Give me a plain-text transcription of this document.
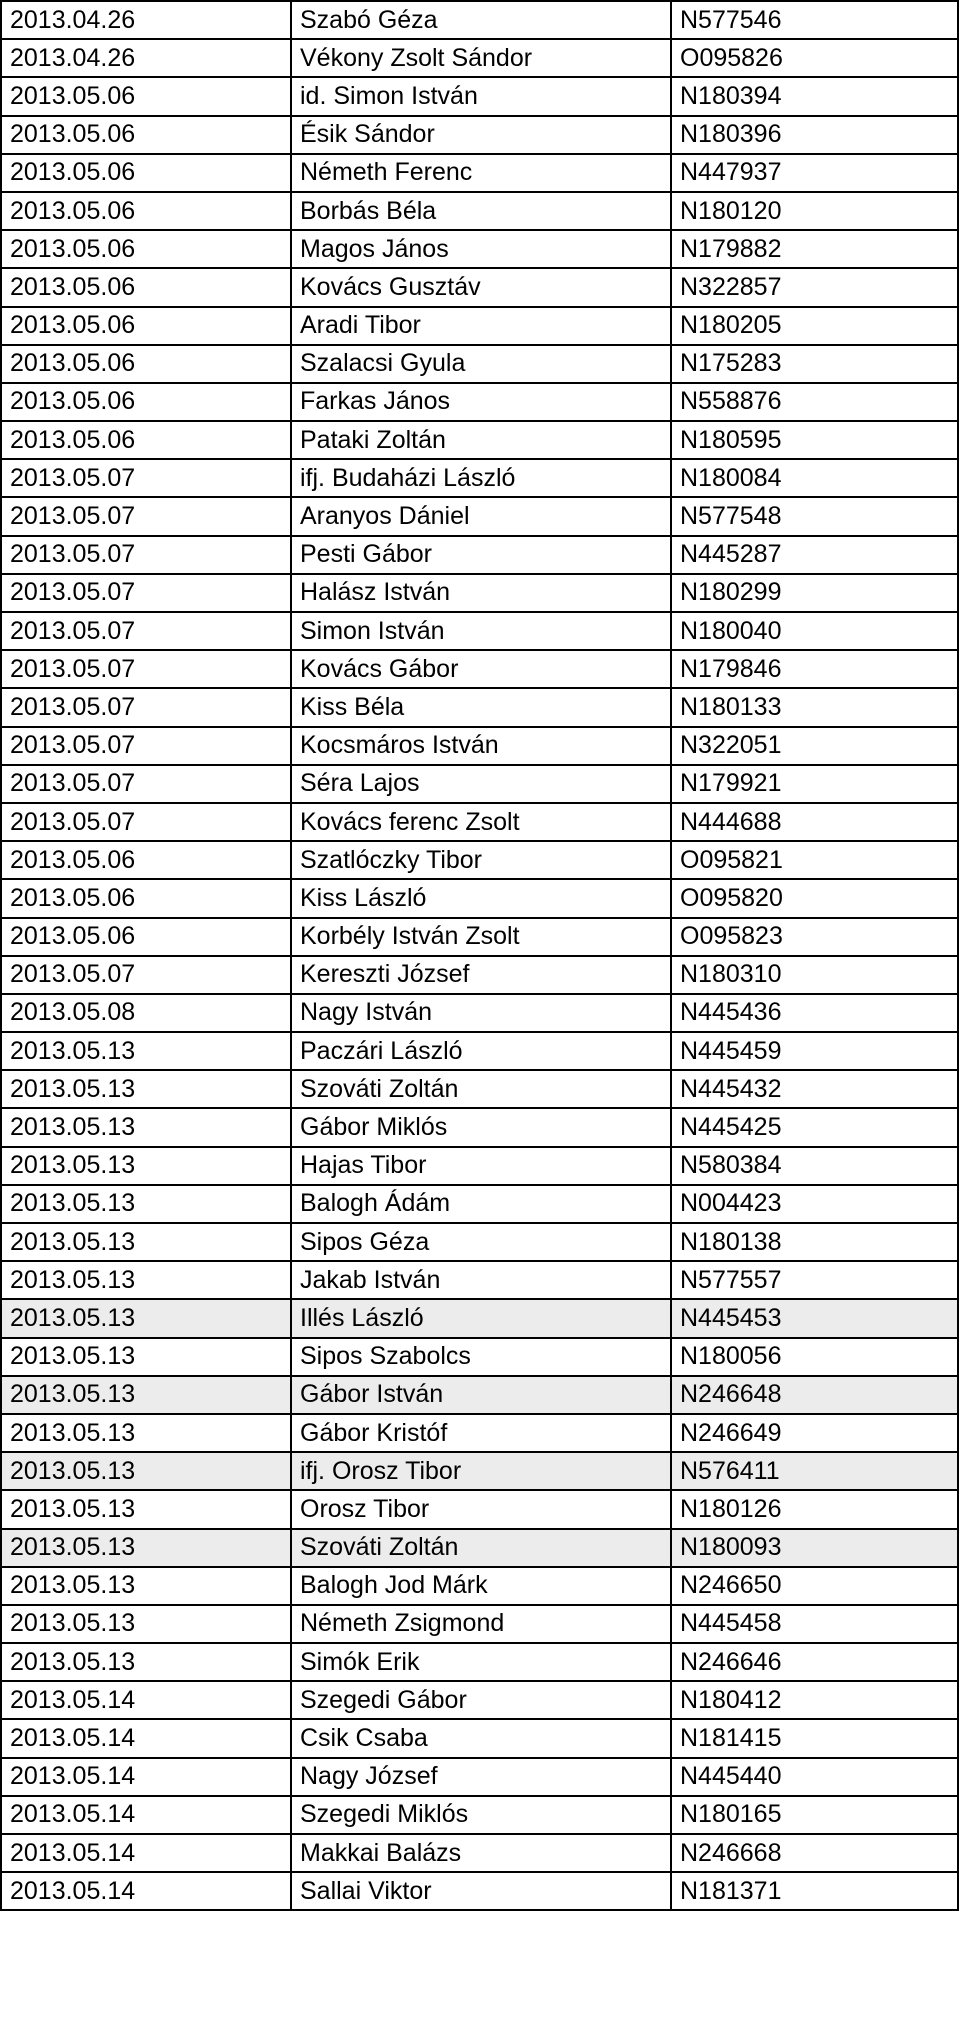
2013.04.26	Szabó Géza	N577546
2013.04.26	Vékony Zsolt Sándor	O095826
2013.05.06	id. Simon István	N180394
2013.05.06	Ésik Sándor	N180396
2013.05.06	Németh Ferenc	N447937
2013.05.06	Borbás Béla	N180120
2013.05.06	Magos János	N179882
2013.05.06	Kovács Gusztáv	N322857
2013.05.06	Aradi Tibor	N180205
2013.05.06	Szalacsi Gyula	N175283
2013.05.06	Farkas János	N558876
2013.05.06	Pataki Zoltán	N180595
2013.05.07	ifj. Budaházi László	N180084
2013.05.07	Aranyos Dániel	N577548
2013.05.07	Pesti Gábor	N445287
2013.05.07	Halász István	N180299
2013.05.07	Simon István	N180040
2013.05.07	Kovács Gábor	N179846
2013.05.07	Kiss Béla	N180133
2013.05.07	Kocsmáros István	N322051
2013.05.07	Séra Lajos	N179921
2013.05.07	Kovács ferenc Zsolt	N444688
2013.05.06	Szatlóczky Tibor	O095821
2013.05.06	Kiss László	O095820
2013.05.06	Korbély István Zsolt	O095823
2013.05.07	Kereszti József	N180310
2013.05.08	Nagy István	N445436
2013.05.13	Paczári László	N445459
2013.05.13	Szováti Zoltán	N445432
2013.05.13	Gábor Miklós	N445425
2013.05.13	Hajas Tibor	N580384
2013.05.13	Balogh Ádám	N004423
2013.05.13	Sipos Géza	N180138
2013.05.13	Jakab István	N577557
2013.05.13	Illés László	N445453
2013.05.13	Sipos Szabolcs	N180056
2013.05.13	Gábor István	N246648
2013.05.13	Gábor Kristóf	N246649
2013.05.13	ifj. Orosz Tibor	N576411
2013.05.13	Orosz Tibor	N180126
2013.05.13	Szováti Zoltán	N180093
2013.05.13	Balogh Jod Márk	N246650
2013.05.13	Németh Zsigmond	N445458
2013.05.13	Simók Erik	N246646
2013.05.14	Szegedi Gábor	N180412
2013.05.14	Csik Csaba	N181415
2013.05.14	Nagy József	N445440
2013.05.14	Szegedi Miklós	N180165
2013.05.14	Makkai Balázs	N246668
2013.05.14	Sallai Viktor	N181371
